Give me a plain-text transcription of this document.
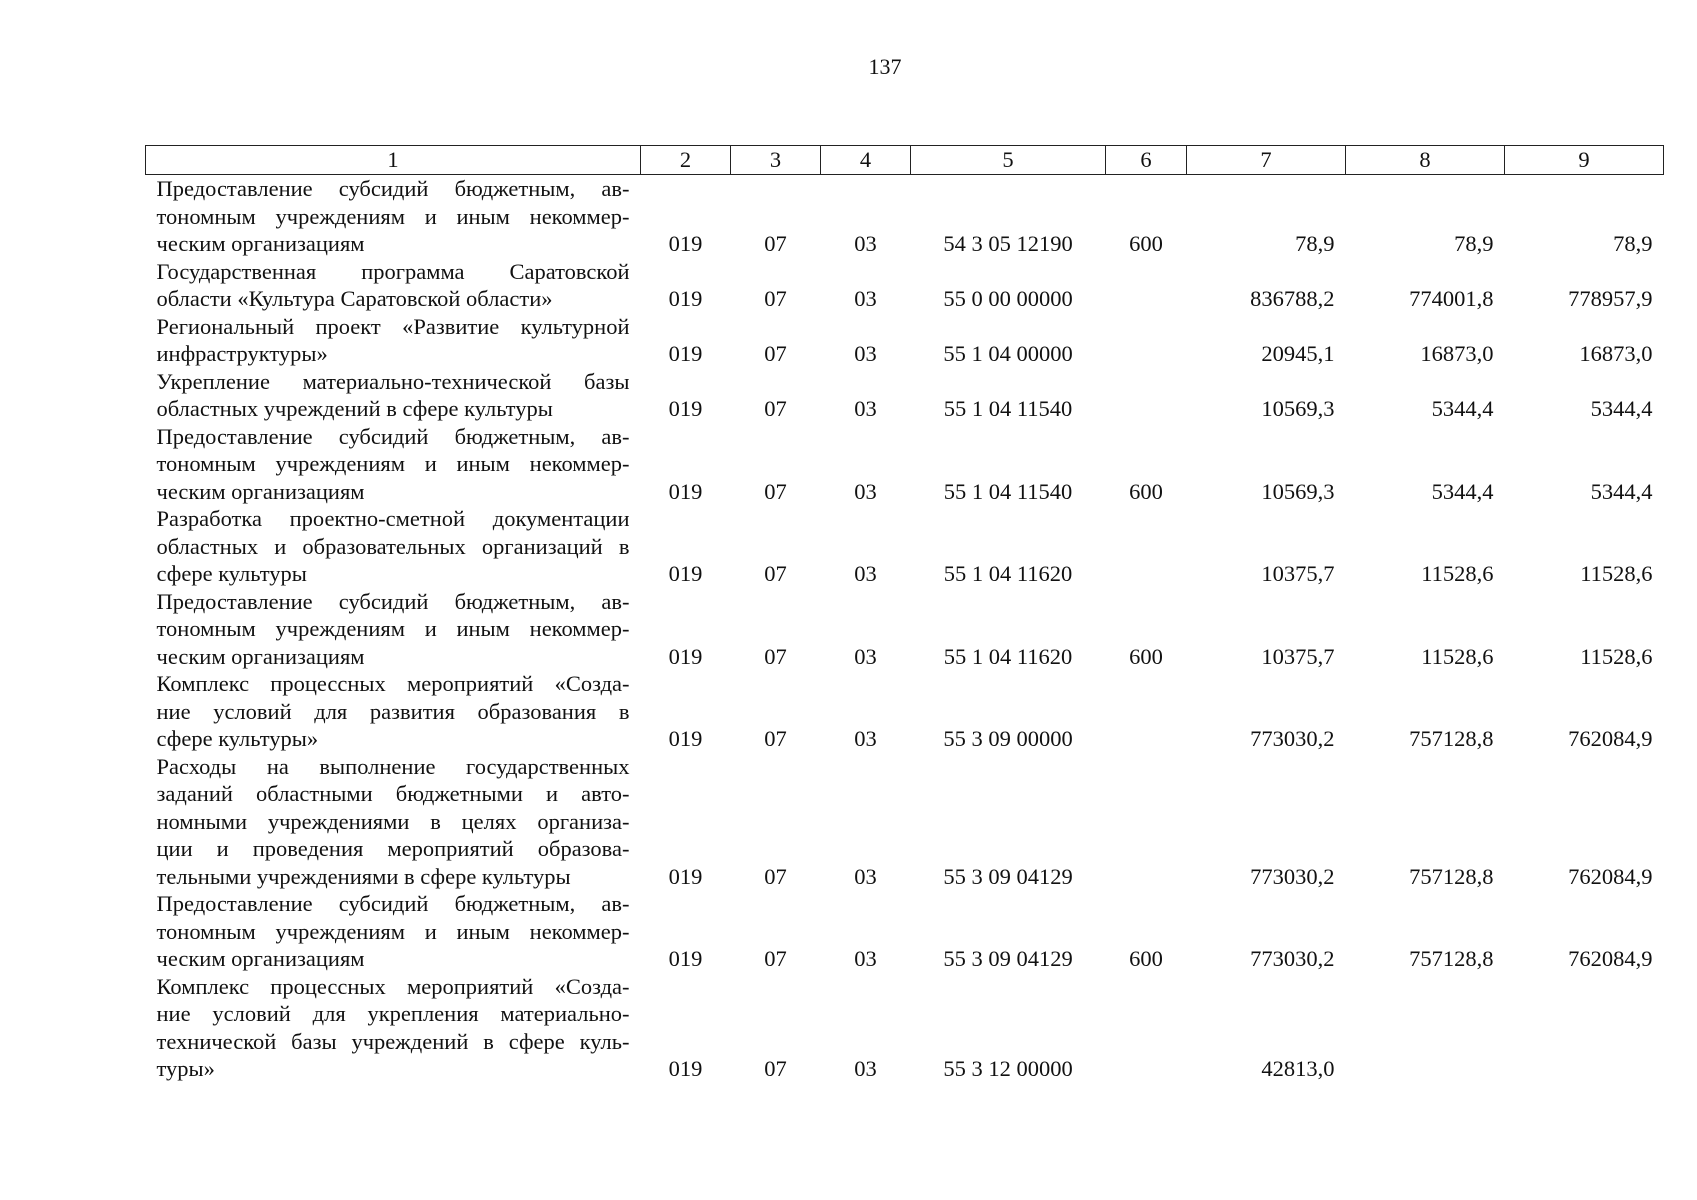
137
1	2	3	4	5	6	7	8	9

Предоставление субсидий бюджетным, ав-
тономным учреждениям и иным некоммер-
ческим организациям	019	07	03	54 3 05 12190	600	78,9	78,9	78,9

Государственная программа Саратовской
области «Культура Саратовской области»	019	07	03	55 0 00 00000		836788,2	774001,8	778957,9

Региональный проект «Развитие культурной
инфраструктуры»	019	07	03	55 1 04 00000		20945,1	16873,0	16873,0

Укрепление материально-технической базы
областных учреждений в сфере культуры	019	07	03	55 1 04 11540		10569,3	5344,4	5344,4

Предоставление субсидий бюджетным, ав-
тономным учреждениям и иным некоммер-
ческим организациям	019	07	03	55 1 04 11540	600	10569,3	5344,4	5344,4

Разработка проектно-сметной документации
областных и образовательных организаций в
сфере культуры	019	07	03	55 1 04 11620		10375,7	11528,6	11528,6

Предоставление субсидий бюджетным, ав-
тономным учреждениям и иным некоммер-
ческим организациям	019	07	03	55 1 04 11620	600	10375,7	11528,6	11528,6

Комплекс процессных мероприятий «Созда-
ние условий для развития образования в
сфере культуры»	019	07	03	55 3 09 00000		773030,2	757128,8	762084,9

Расходы на выполнение государственных
заданий областными бюджетными и авто-
номными учреждениями в целях организа-
ции и проведения мероприятий образова-
тельными учреждениями в сфере культуры	019	07	03	55 3 09 04129		773030,2	757128,8	762084,9

Предоставление субсидий бюджетным, ав-
тономным учреждениям и иным некоммер-
ческим организациям	019	07	03	55 3 09 04129	600	773030,2	757128,8	762084,9

Комплекс процессных мероприятий «Созда-
ние условий для укрепления материально-
технической базы учреждений в сфере куль-
туры»	019	07	03	55 3 12 00000		42813,0		
